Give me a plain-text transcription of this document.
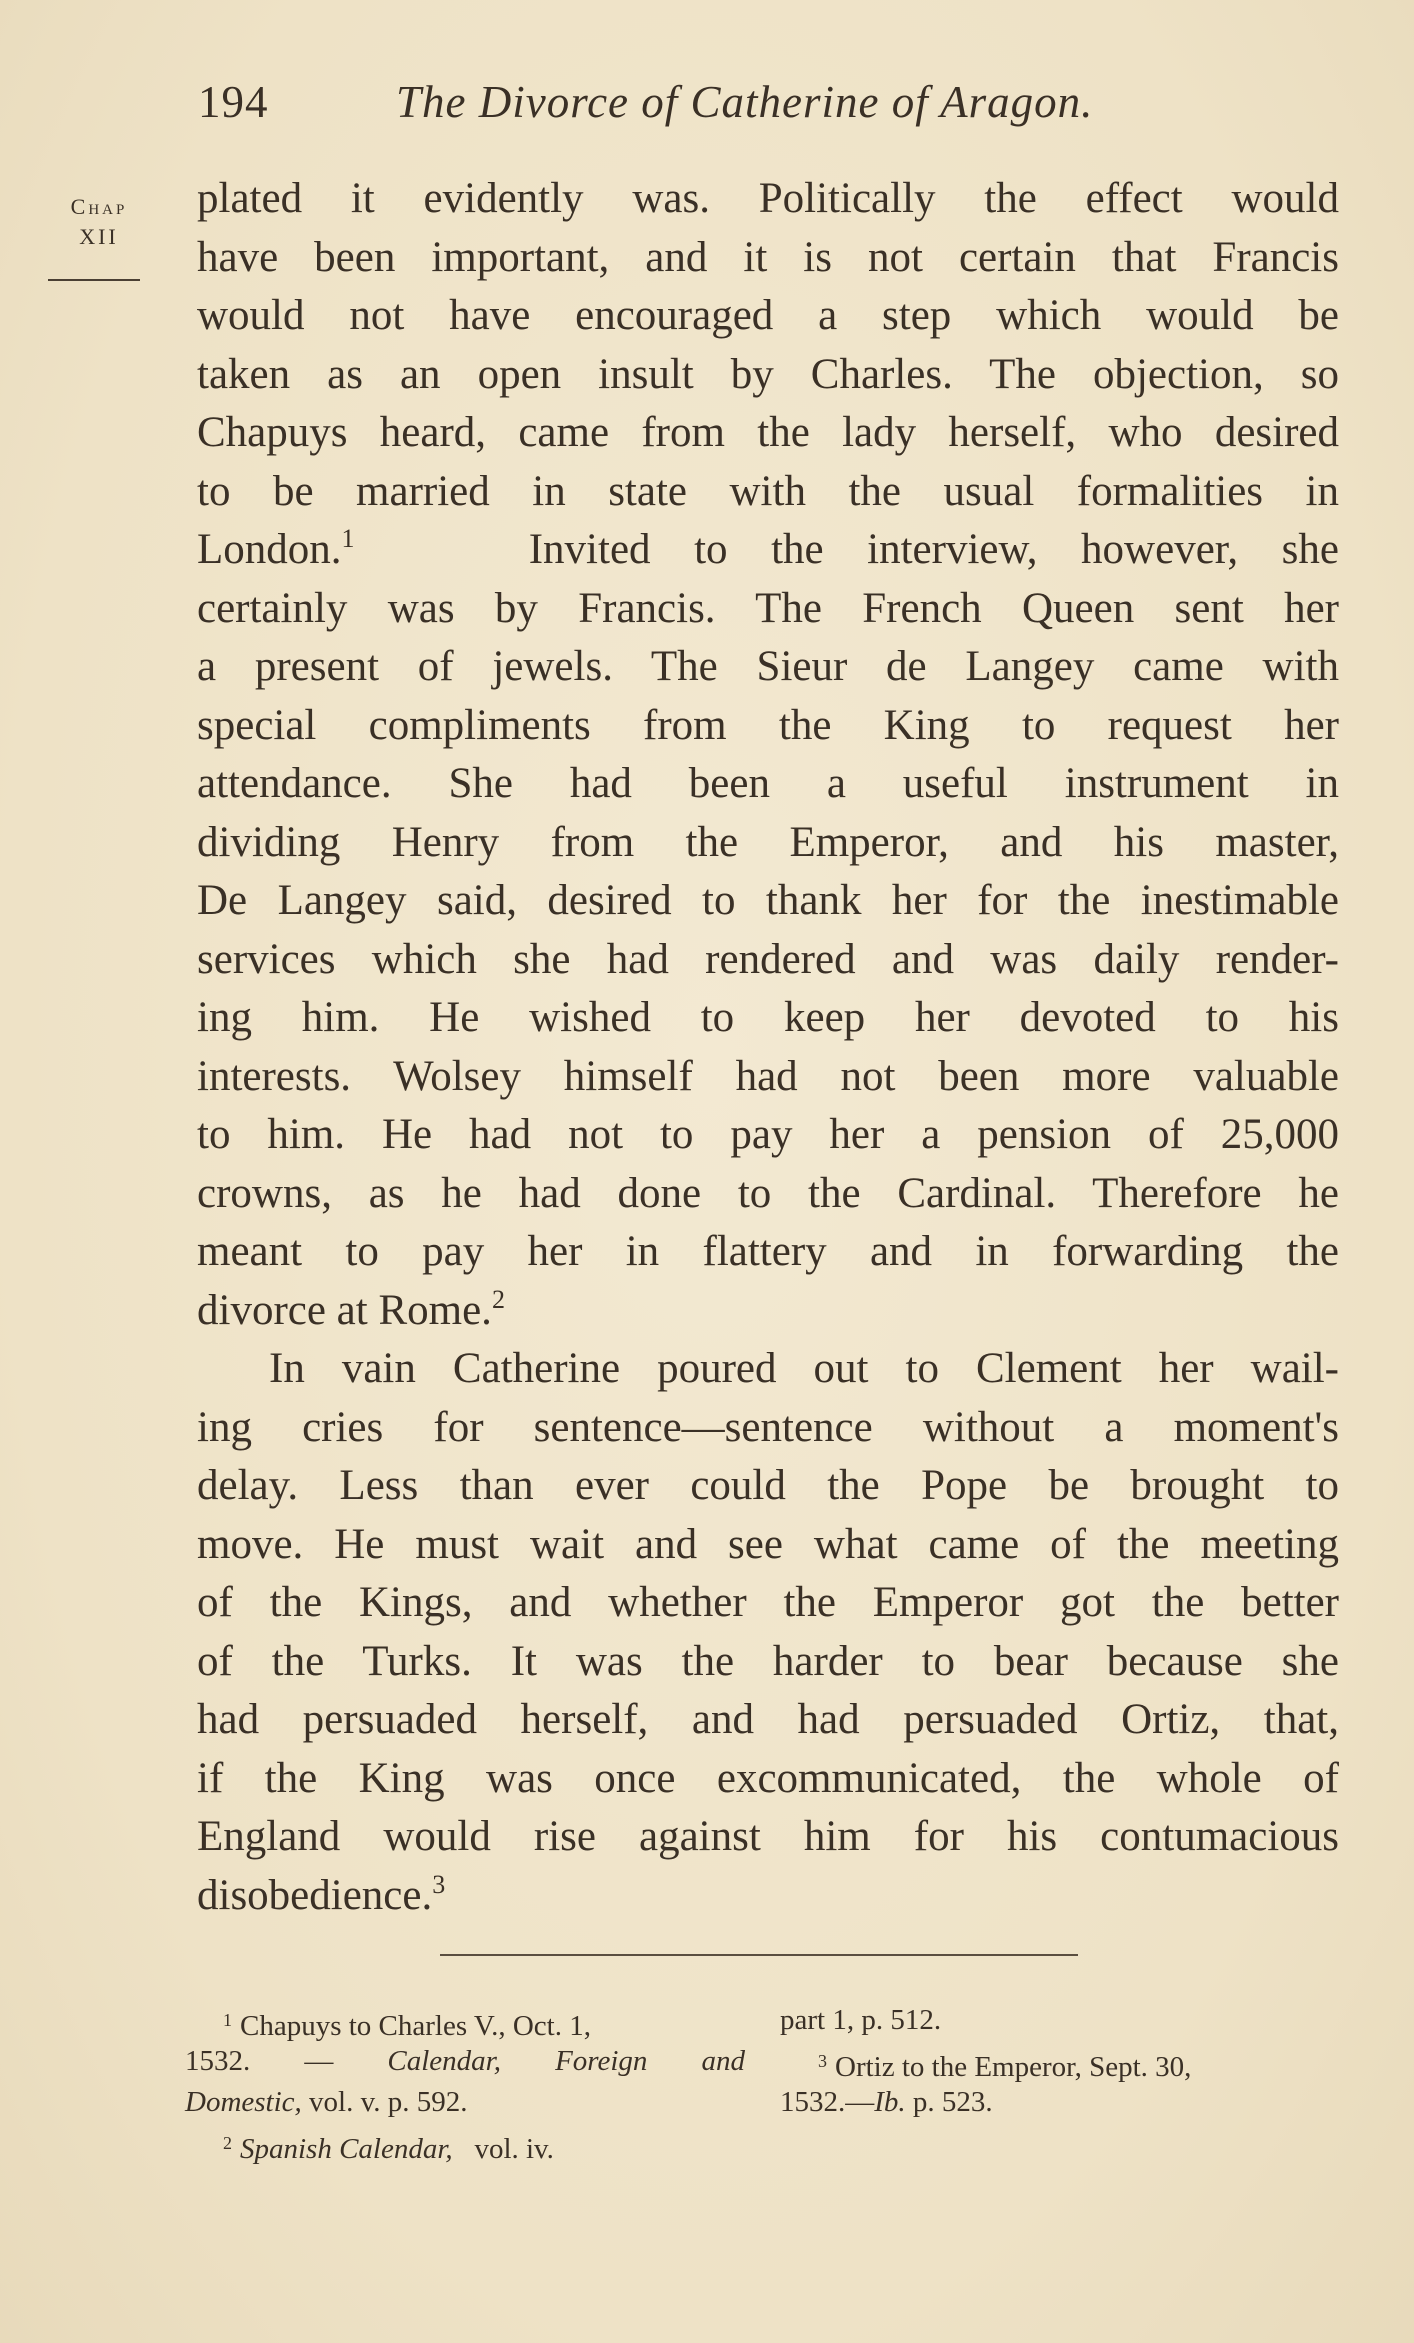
194	The Divorce of Catherine of Aragon.
Chap
XII
plated it evidently was. Politically the effect would
have been important, and it is not certain that Francis
would not have encouraged a step which would be
taken as an open insult by Charles. The objection, so
Chapuys heard, came from the lady herself, who desired
to be married in state with the usual formalities in
London.$^1$	Invited to the interview, however, she
certainly was by Francis. The French Queen sent her
a present of jewels. The Sieur de Langey came with
special compliments from the King to request her
attendance. She had been a useful instrument in
dividing Henry from the Emperor, and his master,
De Langey said, desired to thank her for the inestimable
services which she had rendered and was daily render-
ing him. He wished to keep her devoted to his
interests. Wolsey himself had not been more valuable
to him. He had not to pay her a pension of 25,000
crowns, as he had done to the Cardinal. Therefore he
meant to pay her in flattery and in forwarding the
divorce at Rome.$^2$
In vain Catherine poured out to Clement her wail-
ing cries for sentence—sentence without a moment's
delay. Less than ever could the Pope be brought to
move. He must wait and see what came of the meeting
of the Kings, and whether the Emperor got the better
of the Turks. It was the harder to bear because she
had persuaded herself, and had persuaded Ortiz, that,
if the King was once excommunicated, the whole of
England would rise against him for his contumacious
disobedience.$^3$
$^1$ Chapuys to Charles V., Oct. 1,
1532. — Calendar, Foreign and
Domestic, vol. v. p. 592.
$^2$ Spanish Calendar, vol. iv.
part 1, p. 512.
$^3$ Ortiz to the Emperor, Sept. 30,
1532.—Ib. p. 523.
